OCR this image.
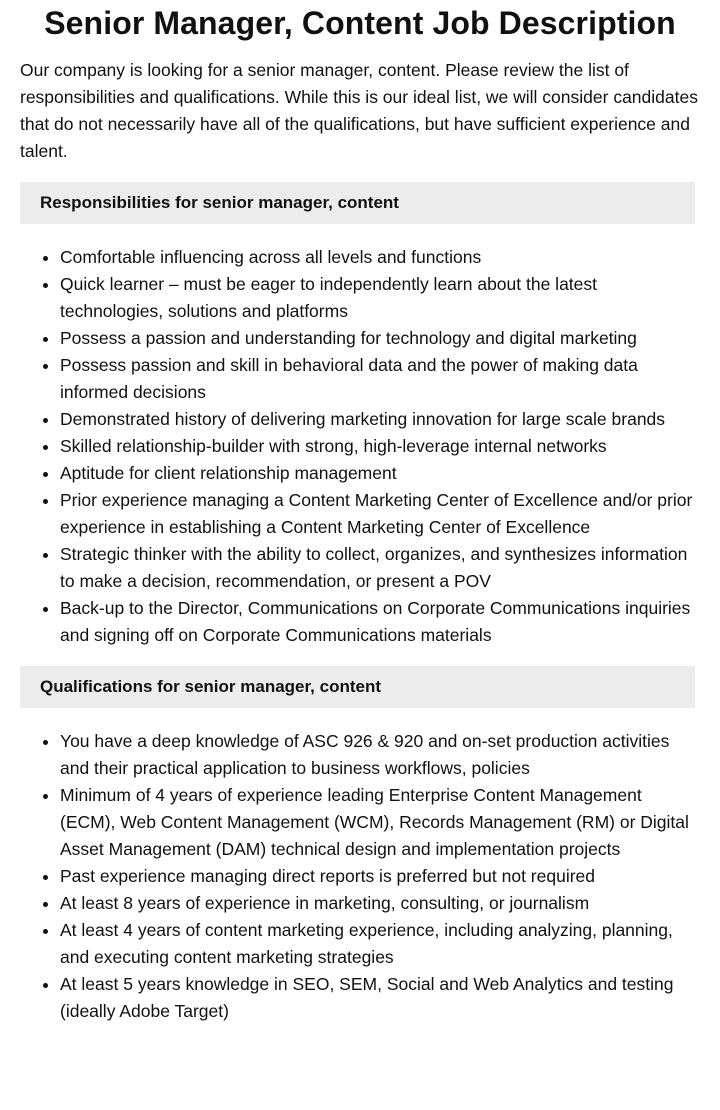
Senior Manager, Content Job Description

Our company is looking for a senior manager, content. Please review the list of responsibilities and qualifications. While this is our ideal list, we will consider candidates that do not necessarily have all of the qualifications, but have sufficient experience and talent.

Responsibilities for senior manager, content
• Comfortable influencing across all levels and functions
• Quick learner – must be eager to independently learn about the latest technologies, solutions and platforms
• Possess a passion and understanding for technology and digital marketing
• Possess passion and skill in behavioral data and the power of making data informed decisions
• Demonstrated history of delivering marketing innovation for large scale brands
• Skilled relationship-builder with strong, high-leverage internal networks
• Aptitude for client relationship management
• Prior experience managing a Content Marketing Center of Excellence and/or prior experience in establishing a Content Marketing Center of Excellence
• Strategic thinker with the ability to collect, organizes, and synthesizes information to make a decision, recommendation, or present a POV
• Back-up to the Director, Communications on Corporate Communications inquiries and signing off on Corporate Communications materials
Qualifications for senior manager, content
• You have a deep knowledge of ASC 926 & 920 and on-set production activities and their practical application to business workflows, policies
• Minimum of 4 years of experience leading Enterprise Content Management (ECM), Web Content Management (WCM), Records Management (RM) or Digital Asset Management (DAM) technical design and implementation projects
• Past experience managing direct reports is preferred but not required
• At least 8 years of experience in marketing, consulting, or journalism
• At least 4 years of content marketing experience, including analyzing, planning, and executing content marketing strategies
• At least 5 years knowledge in SEO, SEM, Social and Web Analytics and testing (ideally Adobe Target)
